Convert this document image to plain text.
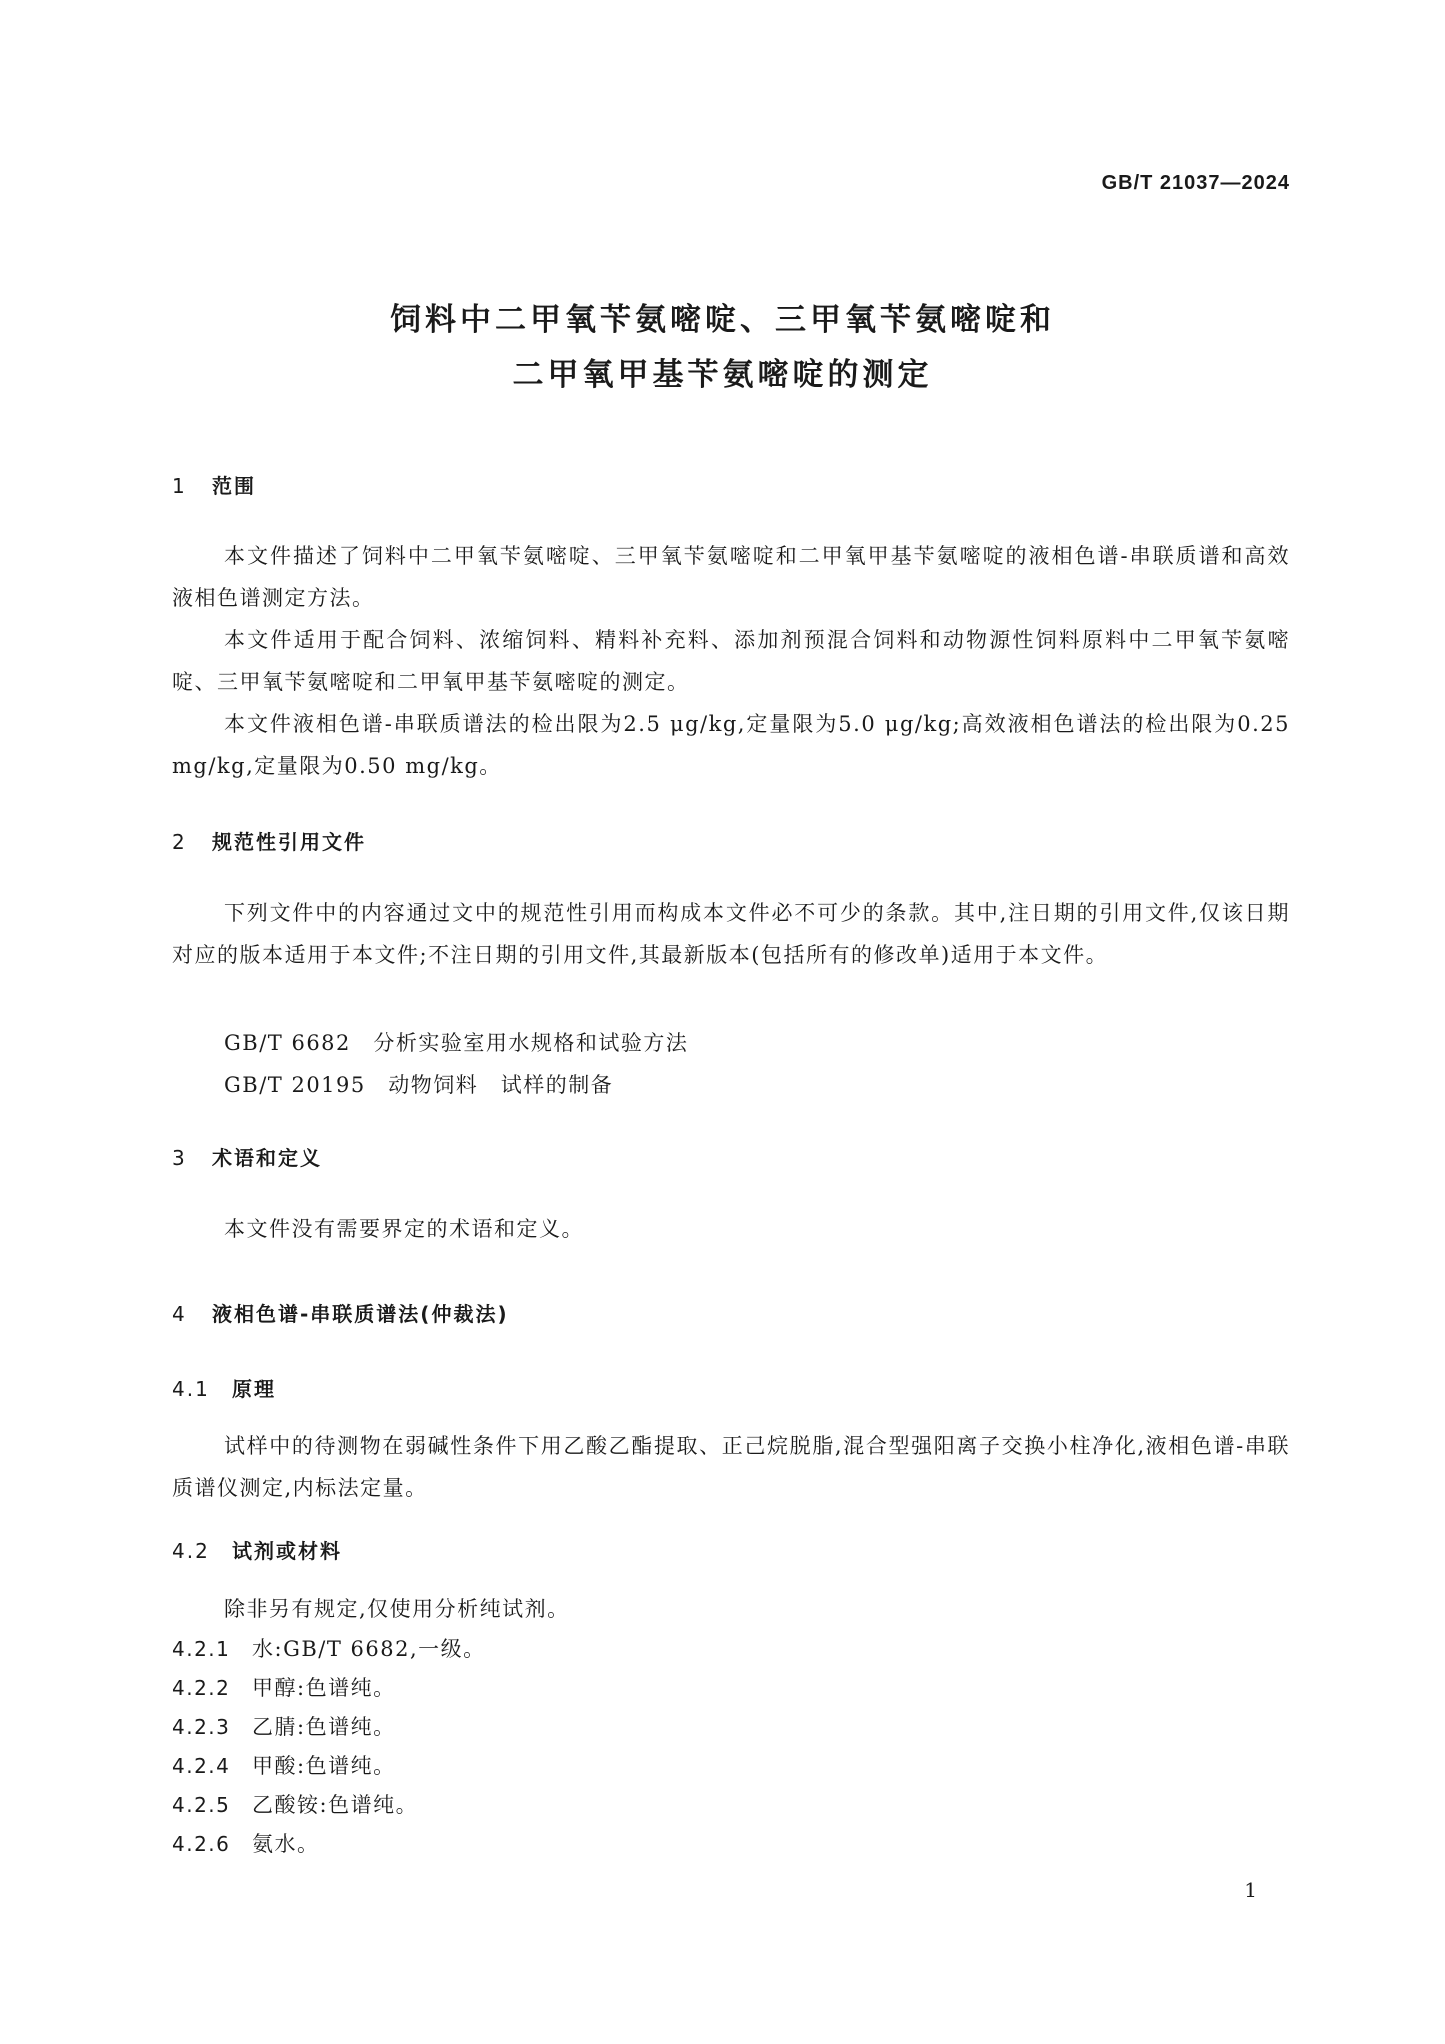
GB/T 21037—2024
饲料中二甲氧苄氨嘧啶、三甲氧苄氨嘧啶和
二甲氧甲基苄氨嘧啶的测定
1 范围
本文件描述了饲料中二甲氧苄氨嘧啶、三甲氧苄氨嘧啶和二甲氧甲基苄氨嘧啶的液相色谱-串联质谱和高效液相色谱测定方法。
本文件适用于配合饲料、浓缩饲料、精料补充料、添加剂预混合饲料和动物源性饲料原料中二甲氧苄氨嘧啶、三甲氧苄氨嘧啶和二甲氧甲基苄氨嘧啶的测定。
本文件液相色谱-串联质谱法的检出限为2.5 μg/kg,定量限为5.0 μg/kg;高效液相色谱法的检出限为0.25 mg/kg,定量限为0.50 mg/kg。
2 规范性引用文件
下列文件中的内容通过文中的规范性引用而构成本文件必不可少的条款。其中,注日期的引用文件,仅该日期对应的版本适用于本文件;不注日期的引用文件,其最新版本(包括所有的修改单)适用于本文件。
GB/T 6682　分析实验室用水规格和试验方法
GB/T 20195　动物饲料　试样的制备
3 术语和定义
本文件没有需要界定的术语和定义。
4 液相色谱-串联质谱法(仲裁法)
4.1 原理
试样中的待测物在弱碱性条件下用乙酸乙酯提取、正己烷脱脂,混合型强阳离子交换小柱净化,液相色谱-串联质谱仪测定,内标法定量。
4.2 试剂或材料
除非另有规定,仅使用分析纯试剂。
4.2.1 水:GB/T 6682,一级。
4.2.2 甲醇:色谱纯。
4.2.3 乙腈:色谱纯。
4.2.4 甲酸:色谱纯。
4.2.5 乙酸铵:色谱纯。
4.2.6 氨水。
1
